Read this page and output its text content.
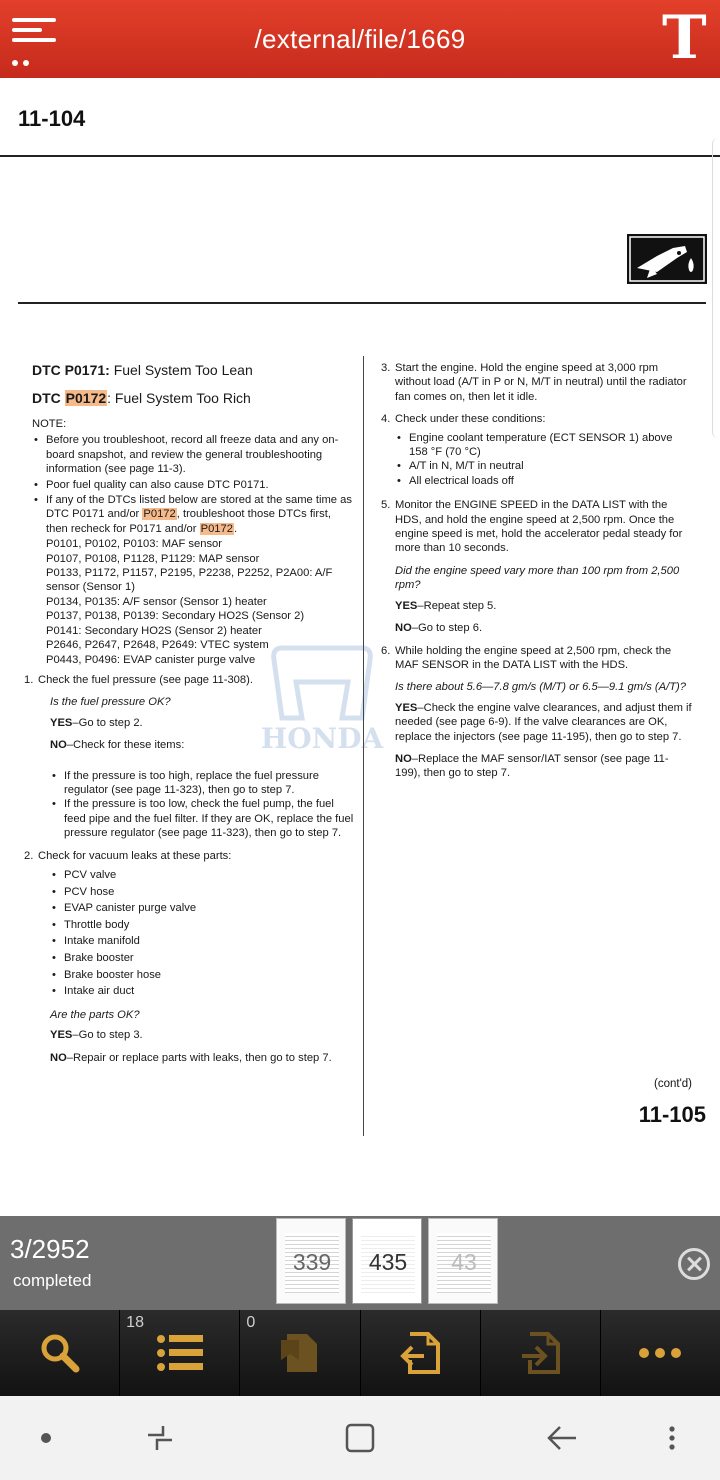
/external/file/1669	T
11-104
HONDA
DTC P0171: Fuel System Too Lean
DTC P0172: Fuel System Too Rich
NOTE:
• Before you troubleshoot, record all freeze data and any on-board snapshot, and review the general troubleshooting information (see page 11-3).
• Poor fuel quality can also cause DTC P0171.
• If any of the DTCs listed below are stored at the same time as DTC P0171 and/or P0172, troubleshoot those DTCs first, then recheck for P0171 and/or P0172.
P0101, P0102, P0103: MAF sensor
P0107, P0108, P1128, P1129: MAP sensor
P0133, P1172, P1157, P2195, P2238, P2252, P2A00: A/F sensor (Sensor 1)
P0134, P0135: A/F sensor (Sensor 1) heater
P0137, P0138, P0139: Secondary HO2S (Sensor 2)
P0141: Secondary HO2S (Sensor 2) heater
P2646, P2647, P2648, P2649: VTEC system
P0443, P0496: EVAP canister purge valve
1. Check the fuel pressure (see page 11-308).
Is the fuel pressure OK?
YES–Go to step 2.
NO–Check for these items:
• If the pressure is too high, replace the fuel pressure regulator (see page 11-323), then go to step 7.
• If the pressure is too low, check the fuel pump, the fuel feed pipe and the fuel filter. If they are OK, replace the fuel pressure regulator (see page 11-323), then go to step 7.
2. Check for vacuum leaks at these parts:
• PCV valve
• PCV hose
• EVAP canister purge valve
• Throttle body
• Intake manifold
• Brake booster
• Brake booster hose
• Intake air duct
Are the parts OK?
YES–Go to step 3.
NO–Repair or replace parts with leaks, then go to step 7.
3. Start the engine. Hold the engine speed at 3,000 rpm without load (A/T in P or N, M/T in neutral) until the radiator fan comes on, then let it idle.
4. Check under these conditions:
• Engine coolant temperature (ECT SENSOR 1) above 158 °F (70 °C)
• A/T in N, M/T in neutral
• All electrical loads off
5. Monitor the ENGINE SPEED in the DATA LIST with the HDS, and hold the engine speed at 2,500 rpm. Once the engine speed is met, hold the accelerator pedal steady for more than 10 seconds.
Did the engine speed vary more than 100 rpm from 2,500 rpm?
YES–Repeat step 5.
NO–Go to step 6.
6. While holding the engine speed at 2,500 rpm, check the MAF SENSOR in the DATA LIST with the HDS.
Is there about 5.6—7.8 gm/s (M/T) or 6.5—9.1 gm/s (A/T)?
YES–Check the engine valve clearances, and adjust them if needed (see page 6-9). If the valve clearances are OK, replace the injectors (see page 11-195), then go to step 7.
NO–Replace the MAF sensor/IAT sensor (see page 11-199), then go to step 7.
(cont'd)
11-105
3/2952
completed
339	435	43
18	0
